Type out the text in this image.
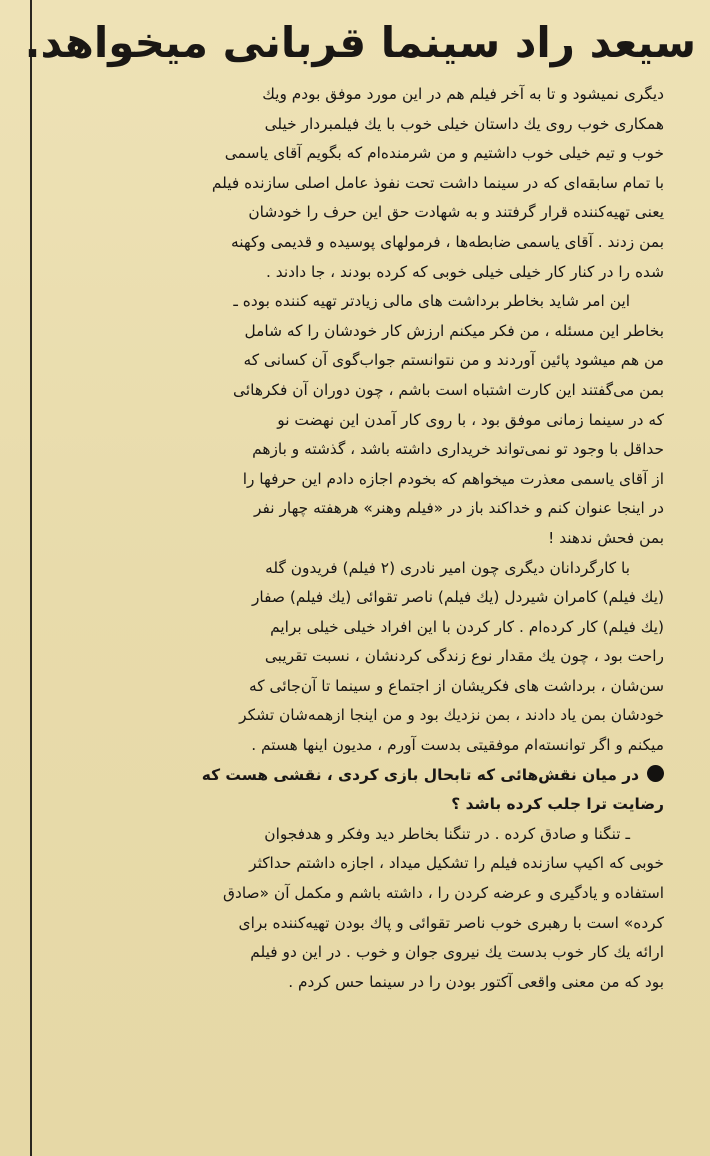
سیعد راد سینما قربانی میخواهد.
دیگری نمیشود و تا به آخر فیلم هم در این مورد موفق بودم ویك
همکاری خوب روی یك داستان خیلی خوب با یك فیلمبردار خیلی
خوب و تیم خیلی خوب داشتیم و من شرمنده‌ام که بگویم آقای یاسمی
با تمام سابقه‌ای که در سینما داشت تحت نفوذ عامل اصلی سازنده فیلم
یعنی تهیه‌کننده قرار گرفتند و به شهادت حق این حرف را خودشان
بمن زدند . آقای یاسمی ضابطه‌ها ، فرمولهای پوسیده و قدیمی وکهنه
شده را در کنار کار خیلی خیلی خوبی که کرده بودند ، جا دادند .
این امر شاید بخاطر برداشت های مالی زیادتر تهیه کننده بوده ـ
بخاطر این مسئله ، من فکر میکنم ارزش کار خودشان را که شامل
من هم میشود پائین آوردند و من نتوانستم جواب‌گوی آن کسانی که
بمن می‌گفتند این کارت اشتباه است باشم ، چون دوران آن فکرهائی
که در سینما زمانی موفق بود ، با روی کار آمدن این نهضت نو
حداقل با وجود تو نمی‌تواند خریداری داشته باشد ، گذشته و بازهم
از آقای یاسمی معذرت میخواهم که بخودم اجازه دادم این حرفها را
در اینجا عنوان کنم و خداکند باز در «فیلم وهنر» هرهفته چهار نفر
بمن فحش ندهند !
با کارگردانان دیگری چون امیر نادری (۲ فیلم) فریدون گله
(یك فیلم) کامران شیردل (یك فیلم) ناصر تقوائی (یك فیلم) صفار
(یك فیلم) کار کرده‌ام . کار کردن با این افراد خیلی خیلی برایم
راحت بود ، چون یك مقدار نوع زندگی کردنشان ، نسبت تقریبی
سن‌شان ، برداشت های فکریشان از اجتماع و سینما تا آن‌جائی که
خودشان بمن یاد دادند ، بمن نزدیك بود و من اینجا ازهمه‌شان تشکر
میکنم و اگر توانسته‌ام موفقیتی بدست آورم ، مدیون اینها هستم .
در میان نقش‌هائی که تابحال بازی کردی ، نقشی هست که
رضایت ترا جلب کرده باشد ؟
ـ تنگنا و صادق کرده . در تنگنا بخاطر دید وفکر و هدفجوان
خوبی که اکیپ سازنده فیلم را تشکیل میداد ، اجازه داشتم حداکثر
استفاده و یادگیری و عرضه کردن را ، داشته باشم و مکمل آن «صادق
کرده» است با رهبری خوب ناصر تقوائی و پاك بودن تهیه‌کننده برای
ارائه یك کار خوب بدست یك نیروی جوان و خوب . در این دو فیلم
بود که من معنی واقعی آکتور بودن را در سینما حس کردم .
